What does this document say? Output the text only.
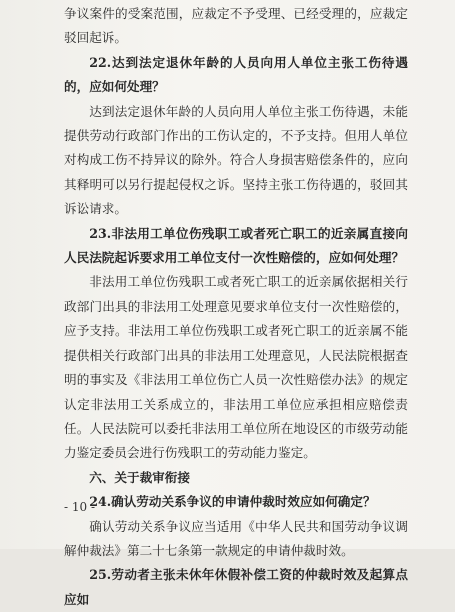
争议案件的受案范围，应裁定不予受理、已经受理的，应裁定驳回起诉。

22.达到法定退休年龄的人员向用人单位主张工伤待遇的，应如何处理？

达到法定退休年龄的人员向用人单位主张工伤待遇，未能提供劳动行政部门作出的工伤认定的，不予支持。但用人单位对构成工伤不持异议的除外。符合人身损害赔偿条件的，应向其释明可以另行提起侵权之诉。坚持主张工伤待遇的，驳回其诉讼请求。

23.非法用工单位伤残职工或者死亡职工的近亲属直接向人民法院起诉要求用工单位支付一次性赔偿的，应如何处理？

非法用工单位伤残职工或者死亡职工的近亲属依据相关行政部门出具的非法用工处理意见要求单位支付一次性赔偿的，应予支持。非法用工单位伤残职工或者死亡职工的近亲属不能提供相关行政部门出具的非法用工处理意见，人民法院根据查明的事实及《非法用工单位伤亡人员一次性赔偿办法》的规定认定非法用工关系成立的，非法用工单位应承担相应赔偿责任。人民法院可以委托非法用工单位所在地设区的市级劳动能力鉴定委员会进行伤残职工的劳动能力鉴定。

六、关于裁审衔接

24.确认劳动关系争议的申请仲裁时效应如何确定？

确认劳动关系争议应当适用《中华人民共和国劳动争议调解仲裁法》第二十七条第一款规定的申请仲裁时效。

25.劳动者主张未休年休假补偿工资的仲裁时效及起算点应如

- 10 -
